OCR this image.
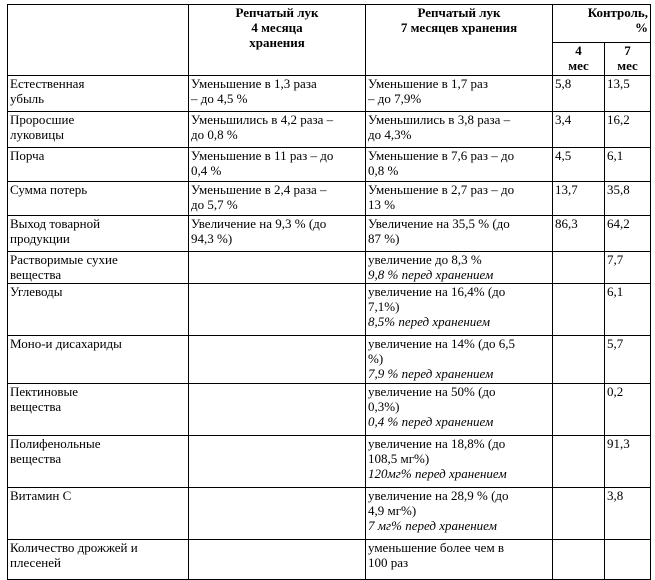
	Репчатый лук
4 месяца
хранения	Репчатый лук
7 месяцев хранения	Контроль,
%	
			4
мес	7
мес

Естественная
убыль	Уменьшение в 1,3 раза
– до 4,5 %	Уменьшение в 1,7 раз
– до 7,9%	5,8	13,5

Проросшие
луковицы	Уменьшились в 4,2 раза –
до 0,8 %	Уменьшились в 3,8 раза –
до 4,3%	3,4	16,2

Порча	Уменьшение в 11 раз – до
0,4 %	Уменьшение в 7,6 раз – до
0,8 %	4,5	6,1

Сумма потерь	Уменьшение в 2,4 раза –
до 5,7 %	Уменьшение в 2,7 раз – до
13 %	13,7	35,8

Выход товарной
продукции	Увеличение на 9,3 % (до
94,3 %)	Увеличение на 35,5 % (до
87 %)	86,3	64,2

Растворимые сухие
вещества		увеличение до 8,3 %
9,8 % перед хранением		7,7

Углеводы		увеличение на 16,4% (до
7,1%)
8,5% перед хранением		6,1

Моно-и дисахариды		увеличение на 14% (до 6,5
%)
7,9 % перед хранением		5,7

Пектиновые
вещества		увеличение на 50% (до
0,3%)
0,4 % перед хранением		0,2

Полифенольные
вещества		увеличение на 18,8% (до
108,5 мг%)
120мг% перед хранением		91,3

Витамин С		увеличение на 28,9 % (до
4,9 мг%)
7 мг% перед хранением		3,8

Количество дрожжей и
плесеней		уменьшение более чем в
100 раз		
